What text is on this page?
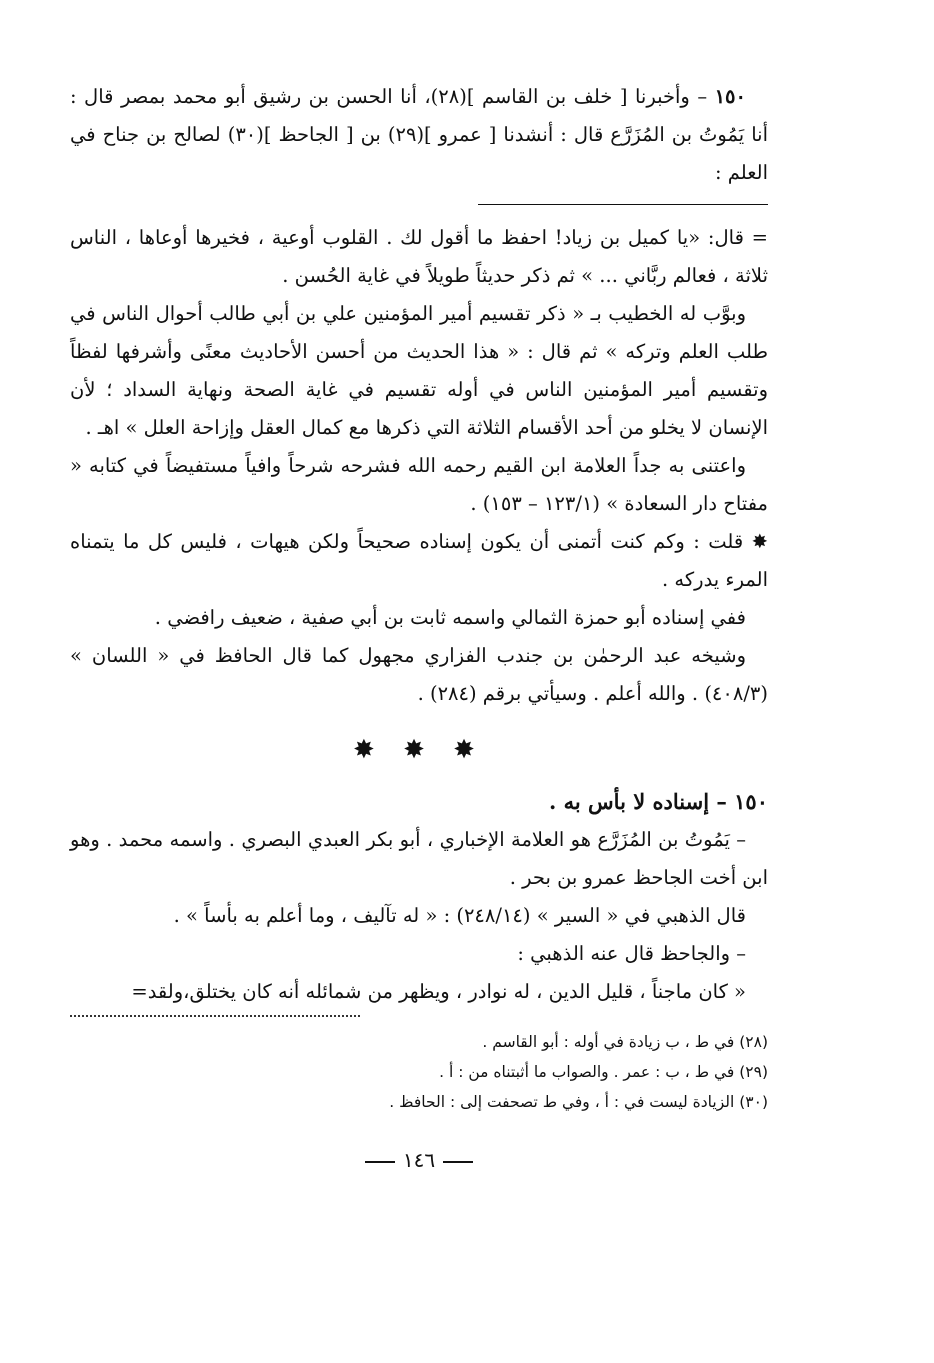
١٥٠ – وأخبرنا [ خلف بن القاسم ](٢٨)، أنا الحسن بن رشيق أبو محمد بمصر قال : أنا يَمُوتُ بن المُزَرَّع قال : أنشدنا [ عمرو ](٢٩) بن [ الجاحظ ](٣٠) لصالح بن جناح في العلم :

= قال: «يا كميل بن زياد! احفظ ما أقول لك . القلوب أوعية ، فخيرها أوعاها ، الناس ثلاثة ، فعالم ربَّاني ... » ثم ذكر حديثاً طويلاً في غاية الحُسن .

وبوَّب له الخطيب بـ « ذكر تقسيم أمير المؤمنين علي بن أبي طالب أحوال الناس في طلب العلم وتركه » ثم قال : « هذا الحديث من أحسن الأحاديث معنًى وأشرفها لفظاً وتقسيم أمير المؤمنين الناس في أوله تقسيم في غاية الصحة ونهاية السداد ؛ لأن الإنسان لا يخلو من أحد الأقسام الثلاثة التي ذكرها مع كمال العقل وإزاحة العلل » اهـ .

واعتنى به جداً العلامة ابن القيم رحمه الله فشرحه شرحاً وافياً مستفيضاً في كتابه « مفتاح دار السعادة » (١٢٣/١ – ١٥٣) .

✸ قلت : وكم كنت أتمنى أن يكون إسناده صحيحاً ولكن هيهات ، فليس كل ما يتمناه المرء يدركه .

ففي إسناده أبو حمزة الثمالي واسمه ثابت بن أبي صفية ، ضعيف رافضي .

وشيخه عبد الرحمٰن بن جندب الفزاري مجهول كما قال الحافظ في « اللسان » (٤٠٨/٣) . والله أعلم . وسيأتي برقم (٢٨٤) .

✸ ✸ ✸

١٥٠ – إسناده لا بأس به .

– يَمُوتُ بن المُزَرَّع هو العلامة الإخباري ، أبو بكر العبدي البصري . واسمه محمد . وهو ابن أخت الجاحظ عمرو بن بحر .

قال الذهبي في « السير » (٢٤٨/١٤) : « له تآليف ، وما أعلم به بأساً » .

– والجاحظ قال عنه الذهبي :

« كان ماجناً ، قليل الدين ، له نوادر ، ويظهر من شمائله أنه كان يختلق،ولقد=

(٢٨) في ط ، ب زيادة في أوله : أبو القاسم .

(٢٩) في ط ، ب : عمر . والصواب ما أثبتناه من : أ .

(٣٠) الزيادة ليست في : أ ، وفي ط تصحفت إلى : الحافظ .

١٤٦
